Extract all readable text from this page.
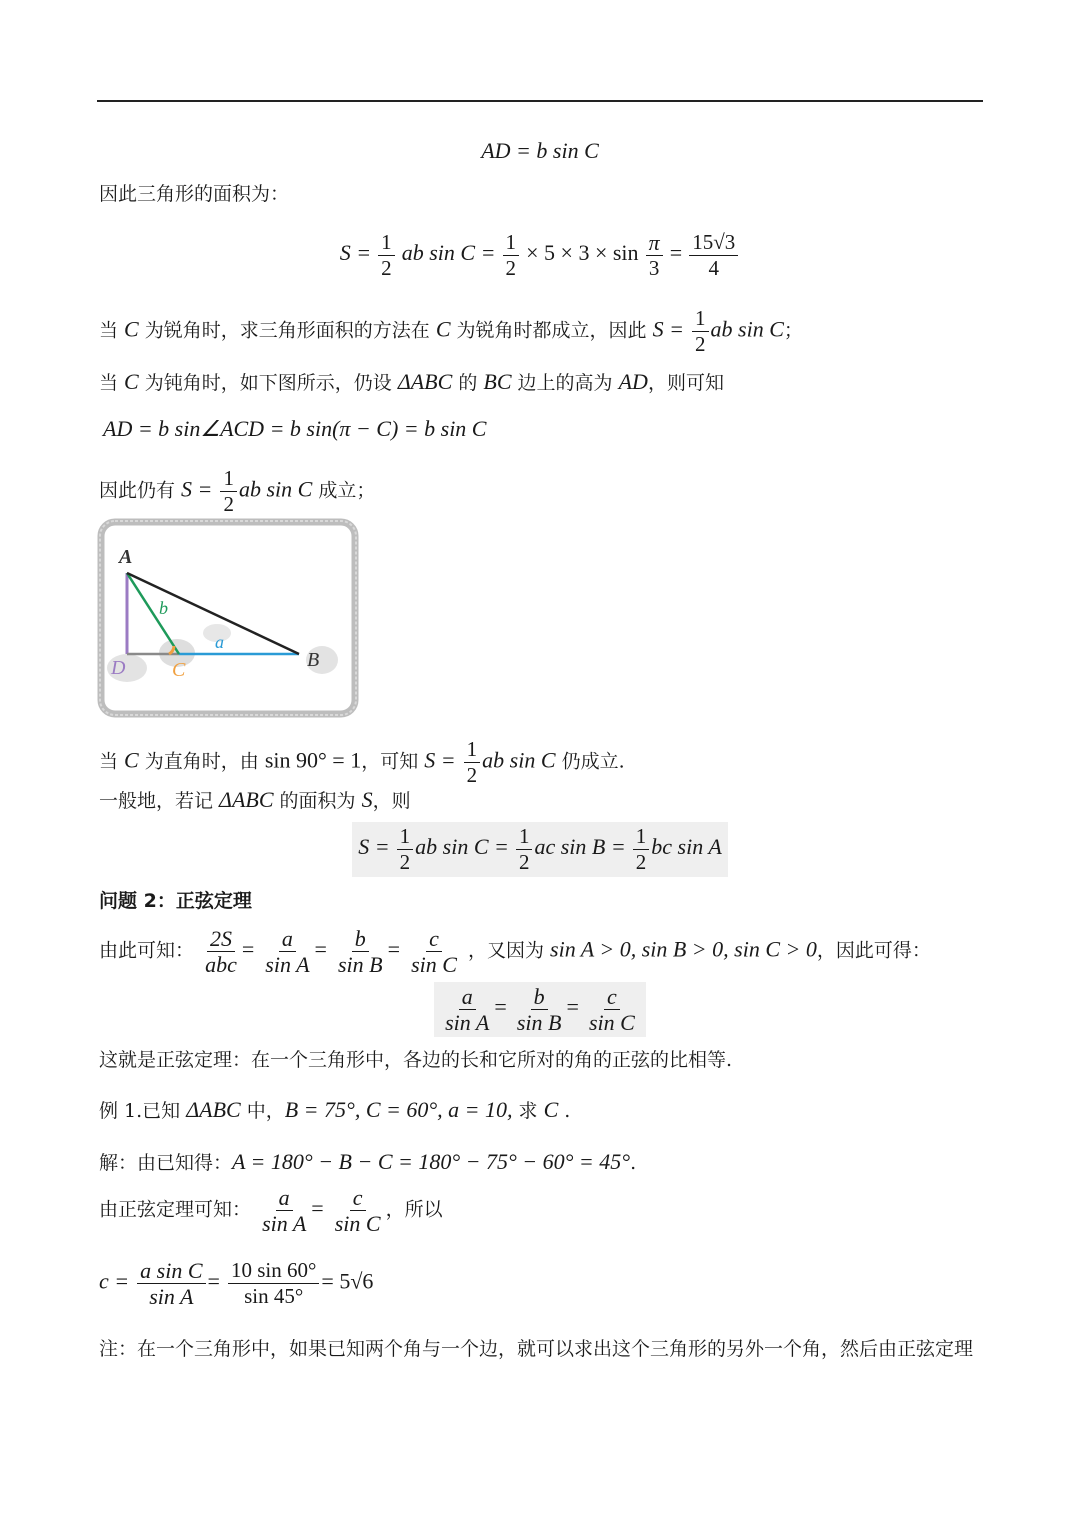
AD = b sin C
因此三角形的面积为：
$S = \frac{1}{2}$ ab $\sin C = \frac{1}{2} \times 5 \times 3 \times \sin \frac{\pi}{3} = \frac{15√3}{4}$
当 C 为锐角时，求三角形面积的方法在 C 为锐角时都成立，因此 $S = \frac{1}{2}$ ab sin C；
当 C 为钝角时，如下图所示，仍设 ΔABC 的 BC 边上的高为 AD，则可知
AD = b sin∠ACD = b sin(π − C) = b sin C
因此仍有 $S = \frac{1}{2}$ ab sin C 成立；
A
B
C
D
a
b
当 C 为直角时，由 sin 90° = 1，可知 $S = \frac{1}{2}$ ab sin C 仍成立.
一般地，若记 ΔABC 的面积为 S，则
$S = \frac{1}{2}$ ab $\sin C = \frac{1}{2}$ ac $\sin B = \frac{1}{2}$ bc sin A
问题 2：正弦定理
由此可知： $\frac{2S}{\text{abc}} = \frac{a}{\text{sin A}} = \frac{b}{\text{sin B}} = \frac{c}{\text{sin C}}$ ，又因为 sin A > 0, sin B > 0, sin C > 0，因此可得：
$\frac{a}{\text{sin A}} = \frac{b}{\text{sin B}} = \frac{c}{\text{sin C}}$
这就是正弦定理：在一个三角形中，各边的长和它所对的角的正弦的比相等.
例 1.已知 ΔABC 中，B = 75°, C = 60°, a = 10, 求 C .
解：由已知得：A = 180° − B − C = 180° − 75° − 60° = 45°.
由正弦定理可知： $\frac{a}{\text{sin A}} = \frac{c}{\text{sin C}}$ ，所以
$c = \frac{\text{a sin C}}{\text{sin A}} = \frac{10 \sin 60^\circ}{\sin 45^\circ} = 5√6$
注：在一个三角形中，如果已知两个角与一个边，就可以求出这个三角形的另外一个角，然后由正弦定理
